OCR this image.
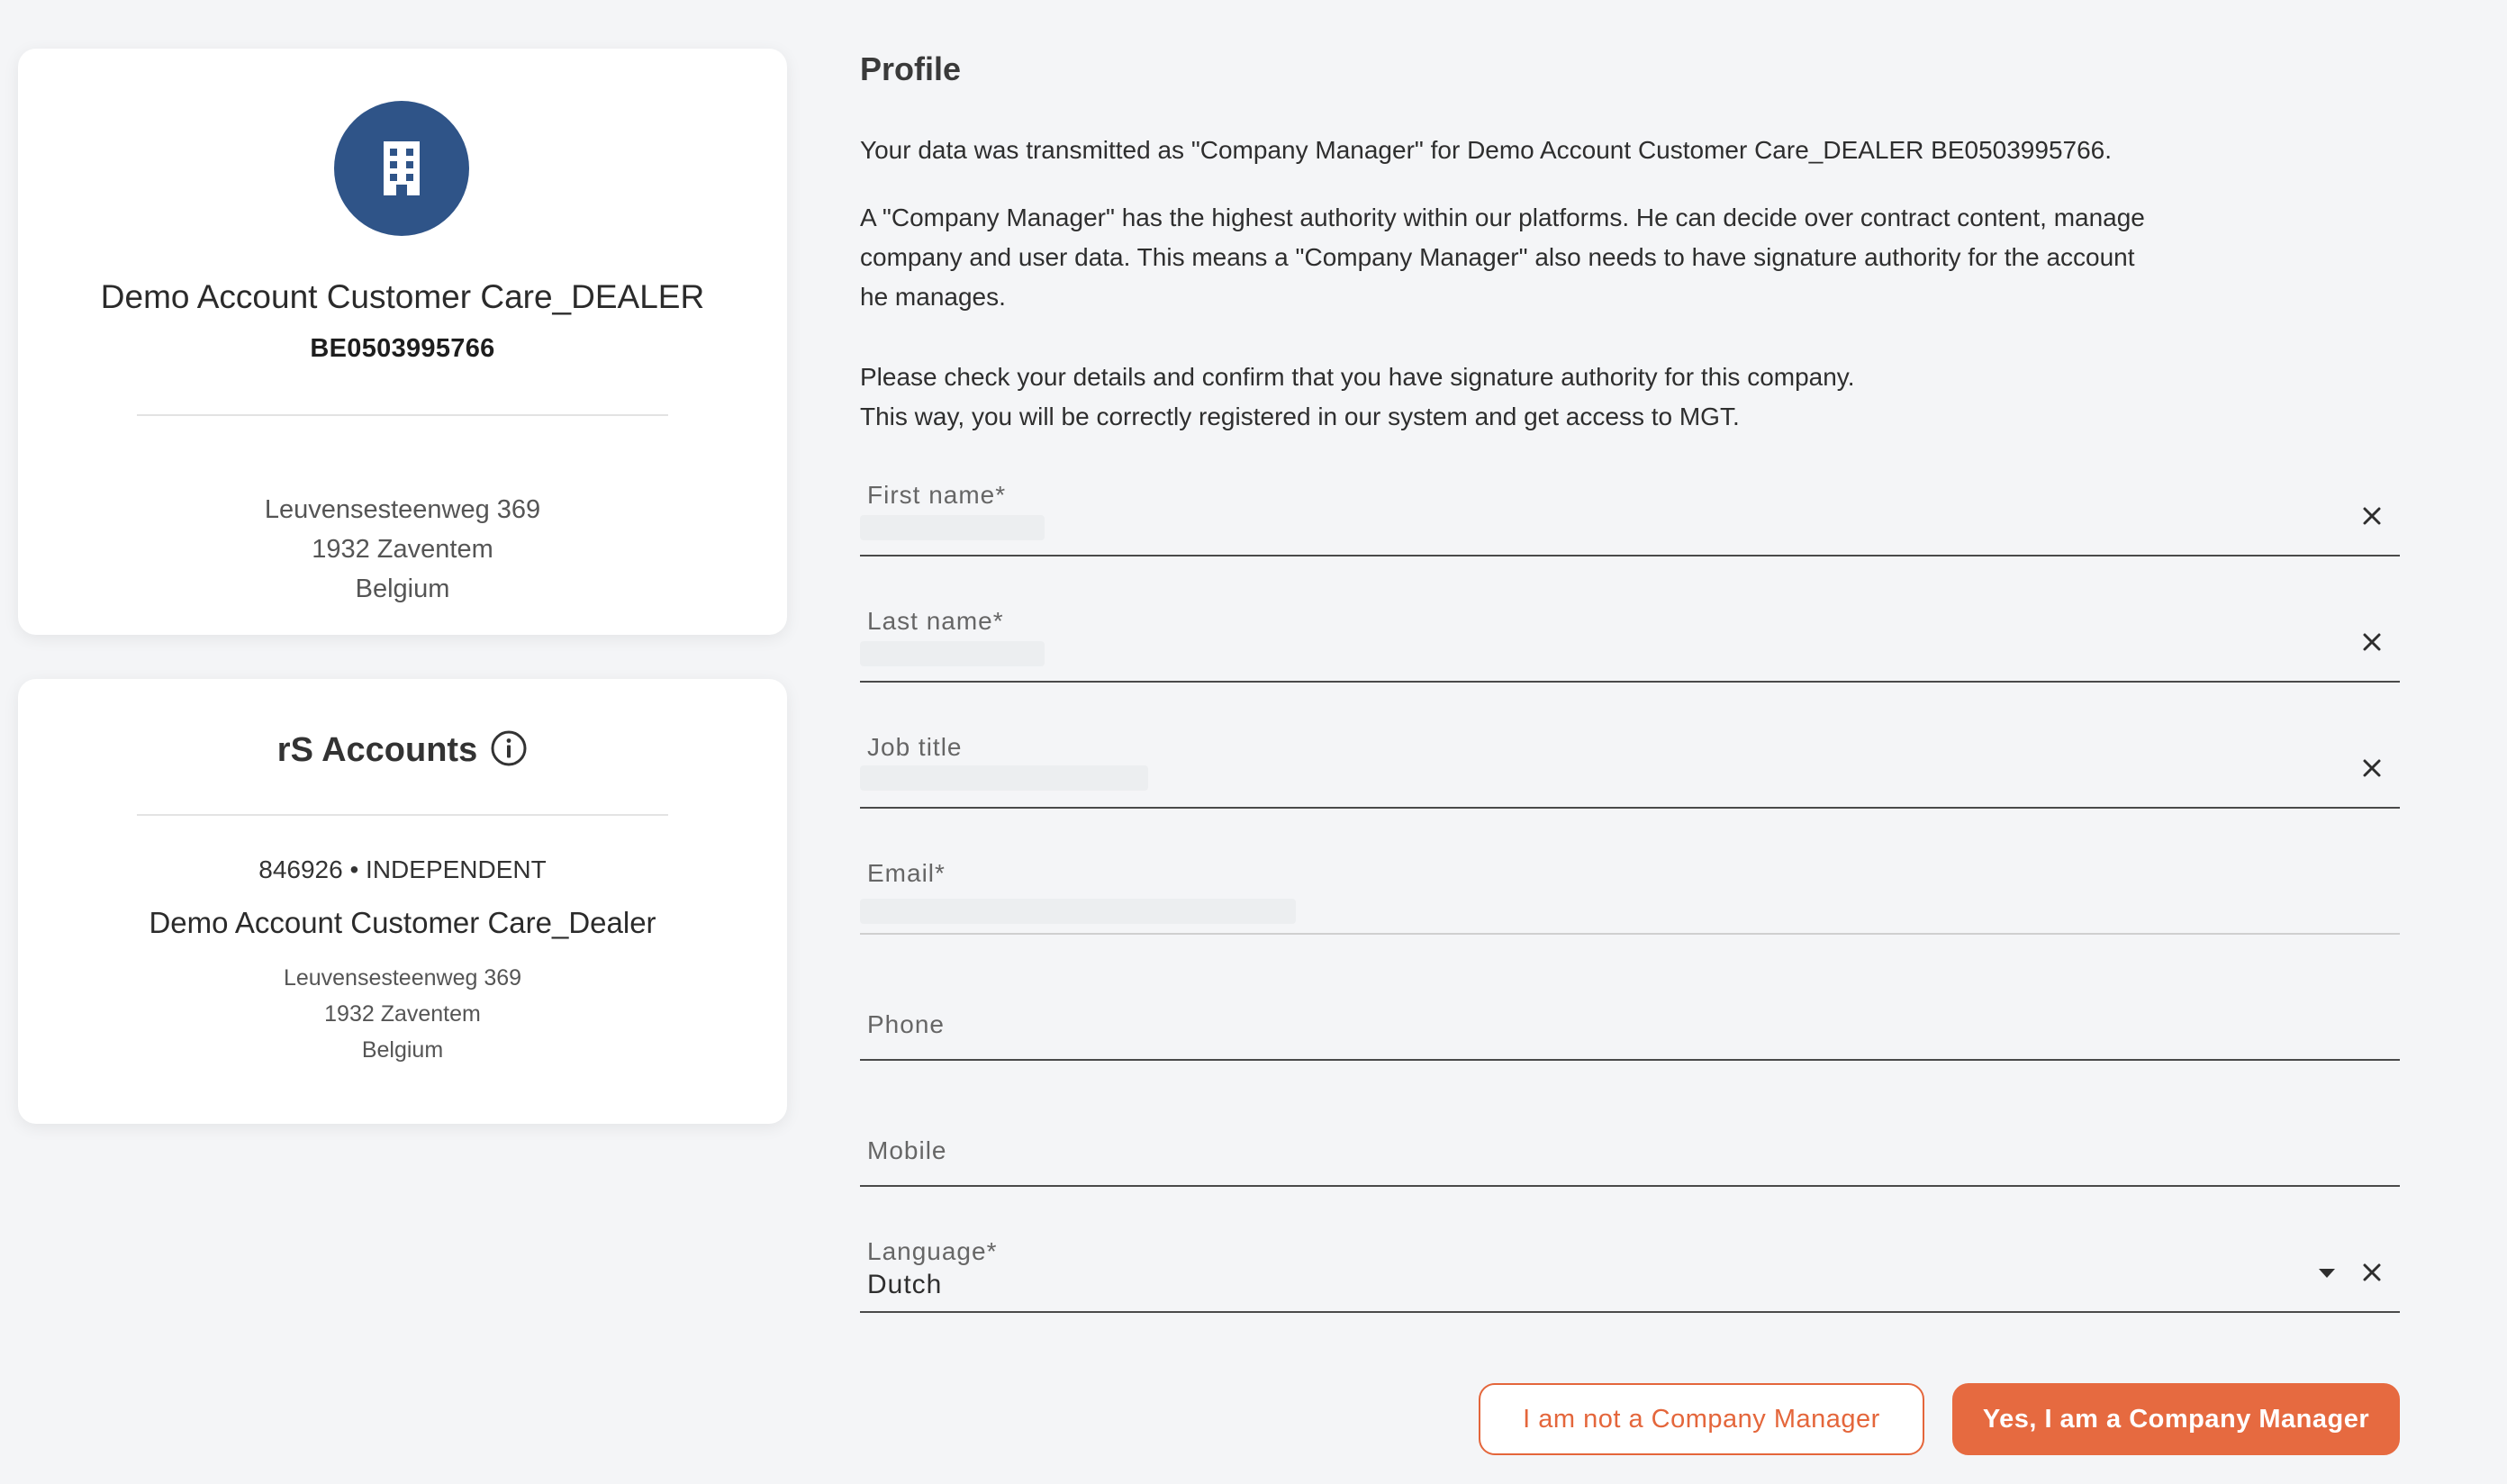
Demo Account Customer Care_DEALER
BE0503995766
Leuvensesteenweg 369
1932 Zaventem
Belgium
rS Accounts
846926 • INDEPENDENT
Demo Account Customer Care_Dealer
Leuvensesteenweg 369
1932 Zaventem
Belgium
Profile
Your data was transmitted as "Company Manager" for Demo Account Customer Care_DEALER BE0503995766.
A "Company Manager" has the highest authority within our platforms. He can decide over contract content, manage
company and user data. This means a "Company Manager" also needs to have signature authority for the account
he manages.
Please check your details and confirm that you have signature authority for this company.
This way, you will be correctly registered in our system and get access to MGT.
First name*
Last name*
Job title
Email*
Phone
Mobile
Language*
Dutch
I am not a Company Manager	Yes, I am a Company Manager
